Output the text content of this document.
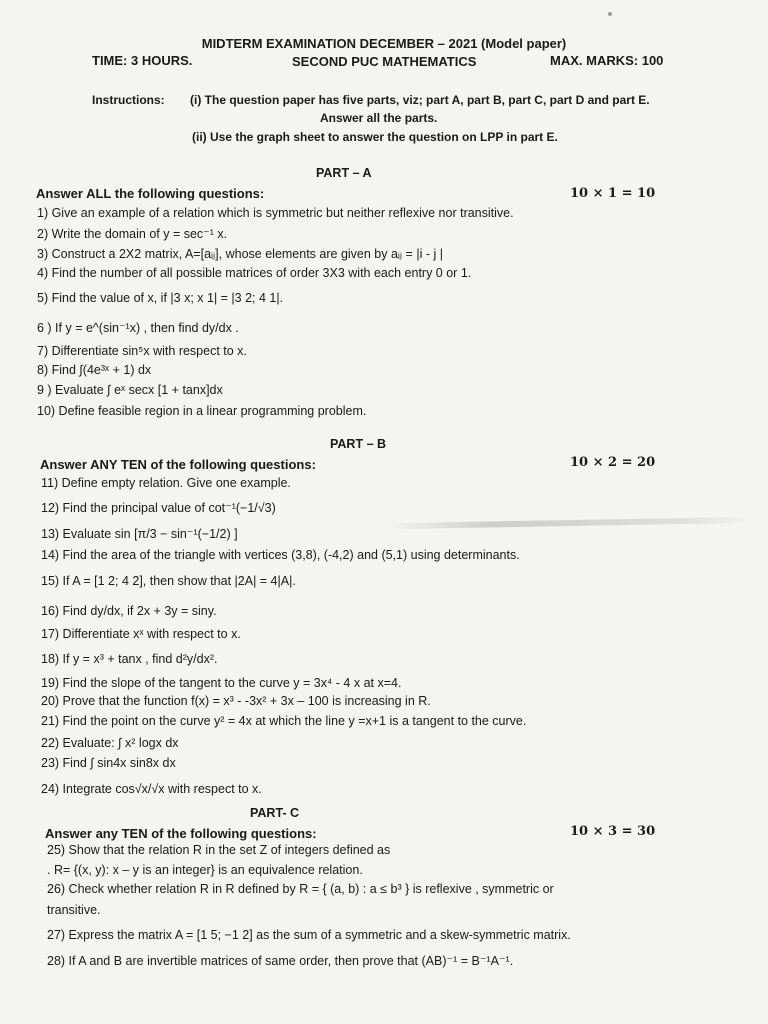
MIDTERM EXAMINATION DECEMBER – 2021 (Model paper)
TIME: 3 HOURS.	SECOND PUC MATHEMATICS	MAX. MARKS: 100
Instructions: (i) The question paper has five parts, viz; part A, part B, part C, part D and part E.
Answer all the parts.
(ii) Use the graph sheet to answer the question on LPP in part E.
PART – A
Answer ALL the following questions:	10 × 1 = 10
1) Give an example of a relation which is symmetric but neither reflexive nor transitive.
2) Write the domain of y = sec⁻¹ x.
3) Construct a 2X2 matrix, A=[aᵢⱼ], whose elements are given by aᵢⱼ = |i - j |
4) Find the number of all possible matrices of order 3X3 with each entry 0 or 1.
5) Find the value of x, if |3 x; x 1| = |3 2; 4 1|.
6 ) If y = e^(sin⁻¹x) , then find dy/dx .
7) Differentiate sin⁵x with respect to x.
8) Find ∫(4e³ˣ + 1) dx
9 ) Evaluate ∫ eˣ secx [1 + tanx]dx
10) Define feasible region in a linear programming problem.
PART – B
Answer ANY TEN of the following questions:	10 × 2 = 20
11) Define empty relation. Give one example.
12) Find the principal value of cot⁻¹(−1/√3)
13) Evaluate sin [π/3 − sin⁻¹(−1/2) ]
14) Find the area of the triangle with vertices (3,8), (-4,2) and (5,1) using determinants.
15) If A = [1 2; 4 2], then show that |2A| = 4|A|.
16) Find dy/dx, if 2x + 3y = siny.
17) Differentiate xˣ with respect to x.
18) If y = x³ + tanx , find d²y/dx².
19) Find the slope of the tangent to the curve y = 3x⁴ - 4 x at x=4.
20) Prove that the function f(x) = x³ - -3x² + 3x – 100 is increasing in R.
21) Find the point on the curve y² = 4x at which the line y =x+1 is a tangent to the curve.
22) Evaluate: ∫ x² logx dx
23) Find ∫ sin4x sin8x dx
24) Integrate cos√x/√x with respect to x.
PART- C
Answer any TEN of the following questions:	10 × 3 = 30
25) Show that the relation R in the set Z of integers defined as
. R= {(x, y): x – y is an integer} is an equivalence relation.
26) Check whether relation R in R defined by R = { (a, b) : a ≤ b³ } is reflexive , symmetric or
transitive.
27) Express the matrix A = [1 5; −1 2] as the sum of a symmetric and a skew-symmetric matrix.
28) If A and B are invertible matrices of same order, then prove that (AB)⁻¹ = B⁻¹A⁻¹.
